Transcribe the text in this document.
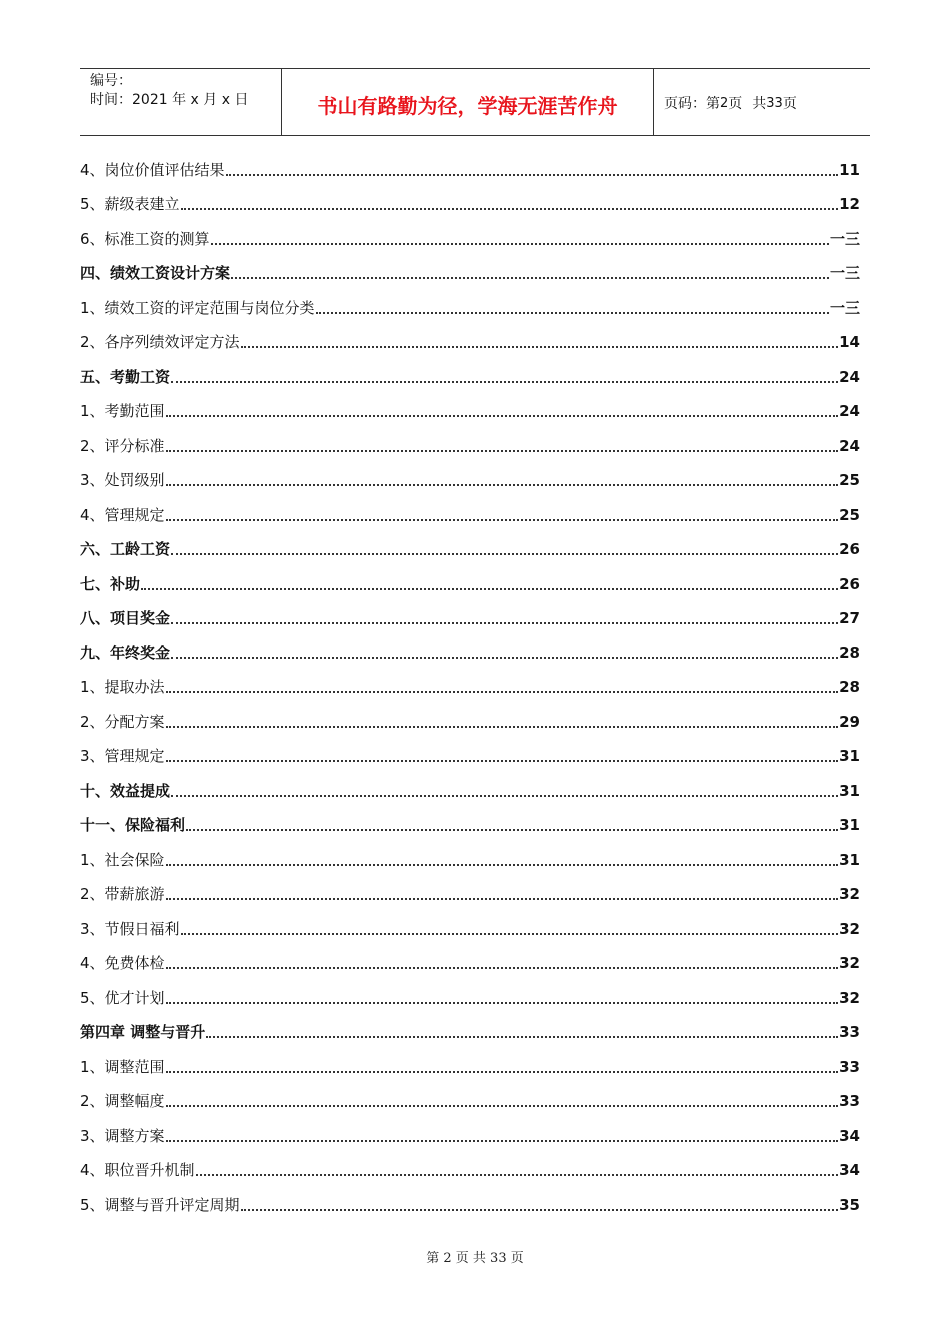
编号：
时间：2021 年 x 月 x 日	书山有路勤为径，学海无涯苦作舟	页码：第 2 页 共 33 页
4、岗位价值评估结果	11
5、薪级表建立	12
6、标准工资的测算	一三
四、绩效工资设计方案	一三
1、绩效工资的评定范围与岗位分类	一三
2、各序列绩效评定方法	14
五、考勤工资	24
1、考勤范围	24
2、评分标准	24
3、处罚级别	25
4、管理规定	25
六、工龄工资	26
七、补助	26
八、项目奖金	27
九、年终奖金	28
1、提取办法	28
2、分配方案	29
3、管理规定	31
十、效益提成	31
十一、保险福利	31
1、社会保险	31
2、带薪旅游	32
3、节假日福利	32
4、免费体检	32
5、优才计划	32
第四章 调整与晋升	33
1、调整范围	33
2、调整幅度	33
3、调整方案	34
4、职位晋升机制	34
5、调整与晋升评定周期	35
第 2 页 共 33 页
